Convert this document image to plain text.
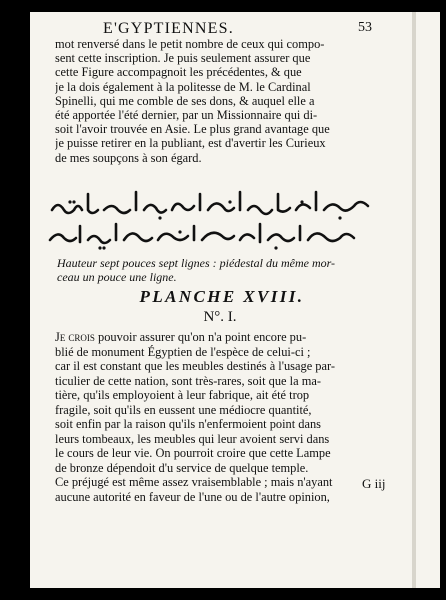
E'GYPTIENNES.	53
mot renversé dans le petit nombre de ceux qui compo-
sent cette inscription. Je puis seulement assurer que
cette Figure accompagnoit les précédentes, & que
je la dois également à la politesse de M. le Cardinal
Spinelli, qui me comble de ses dons, & auquel elle a
été apportée l'été dernier, par un Missionnaire qui di-
soit l'avoir trouvée en Asie. Le plus grand avantage que
je puisse retirer en la publiant, est d'avertir les Curieux
de mes soupçons à son égard.
Hauteur sept pouces sept lignes : piédestal du même mor-
ceau un pouce une ligne.
PLANCHE XVIII.
N°. I.
Je crois pouvoir assurer qu'on n'a point encore pu-
blié de monument Égyptien de l'espèce de celui-ci ;
car il est constant que les meubles destinés à l'usage par-
ticulier de cette nation, sont très-rares, soit que la ma-
tière, qu'ils employoient à leur fabrique, ait été trop
fragile, soit qu'ils en eussent une médiocre quantité,
soit enfin par la raison qu'ils n'enfermoient point dans
leurs tombeaux, les meubles qui leur avoient servi dans
le cours de leur vie. On pourroit croire que cette Lampe
de bronze dépendoit d'u service de quelque temple.
Ce préjugé est même assez vraisemblable ; mais n'ayant
aucune autorité en faveur de l'une ou de l'autre opinion,
G iij
